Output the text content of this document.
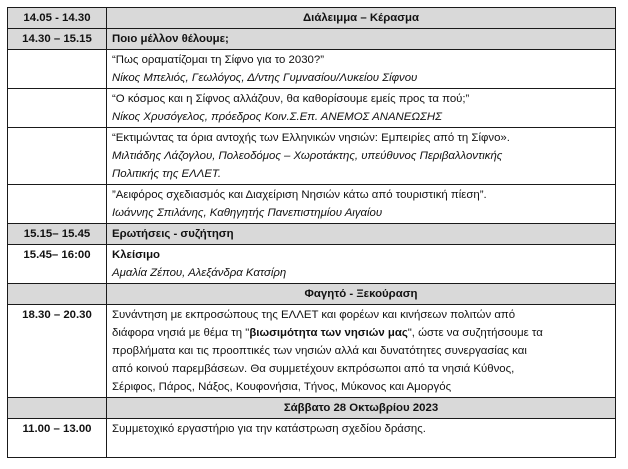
14.05 - 14.30	Διάλειμμα – Κέρασμα
14.30 – 15.15	Ποιο μέλλον θέλουμε;

	“Πως οραματίζομαι τη Σίφνο για το 2030?”
Νίκος Μπελιός, Γεωλόγος, Δ/ντης Γυμνασίου/Λυκείου Σίφνου

	“Ο κόσμος και η Σίφνος αλλάζουν, θα καθορίσουμε εμείς προς τα πού;”
Νίκος Χρυσόγελος, πρόεδρος Κοιν.Σ.Επ. ΑΝΕΜΟΣ ΑΝΑΝΕΩΣΗΣ

	“Εκτιμώντας τα όρια αντοχής των Ελληνικών νησιών: Εμπειρίες από τη Σίφνο».
Μιλτιάδης Λάζογλου, Πολεοδόμος – Χωροτάκτης, υπεύθυνος Περιβαλλοντικής
Πολιτικής της ΕΛΛΕΤ.

	”Αειφόρος σχεδιασμός και Διαχείριση Νησιών κάτω από τουριστική πίεση”.
Ιωάννης Σπιλάνης, Καθηγητής Πανεπιστημίου Αιγαίου

15.15– 15.45	Ερωτήσεις - συζήτηση
15.45– 16:00	Κλείσιμο
Αμαλία Ζέπου, Αλεξάνδρα Κατσίρη

	Φαγητό - Ξεκούραση
18.30 – 20.30	Συνάντηση με εκπροσώπους της ΕΛΛΕΤ και φορέων και κινήσεων πολιτών από
διάφορα νησιά με θέμα τη "βιωσιμότητα των νησιών μας", ώστε να συζητήσουμε τα
προβλήματα και τις προοπτικές των νησιών αλλά και δυνατότητες συνεργασίας και
από κοινού παρεμβάσεων. Θα συμμετέχουν εκπρόσωποι από τα νησιά Κύθνος,
Σέριφος, Πάρος, Νάξος, Κουφονήσια, Τήνος, Μύκονος και Αμοργός

	Σάββατο 28 Οκτωβρίου 2023
11.00 – 13.00	Συμμετοχικό εργαστήριο για την κατάστρωση σχεδίου δράσης.
